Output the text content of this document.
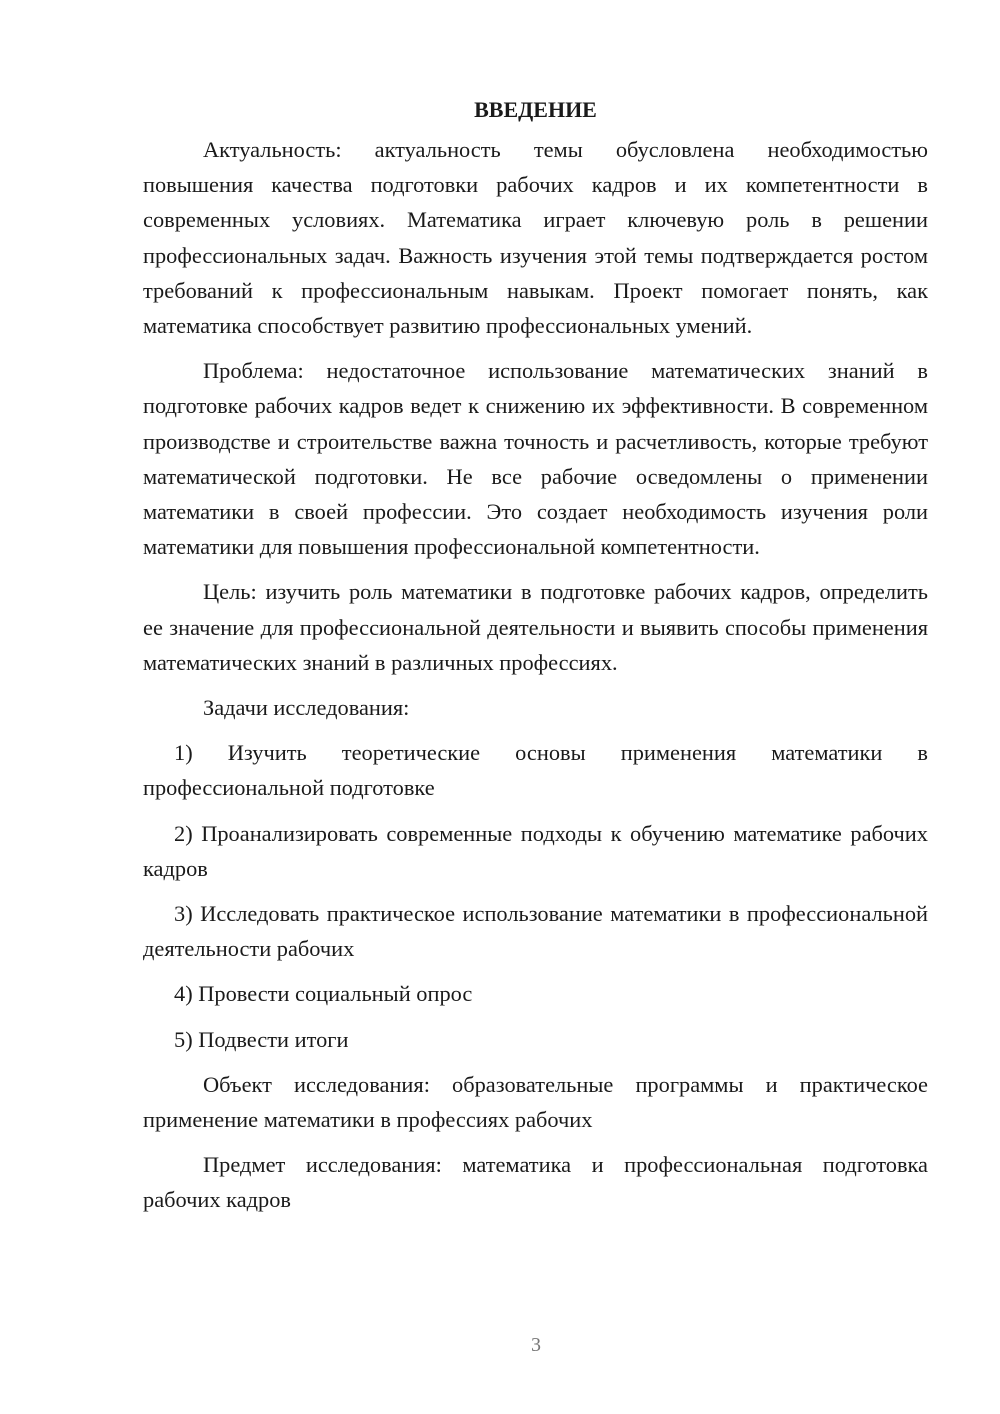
ВВЕДЕНИЕ

Актуальность: актуальность темы обусловлена необходимостью повышения качества подготовки рабочих кадров и их компетентности в современных условиях. Математика играет ключевую роль в решении профессиональных задач. Важность изучения этой темы подтверждается ростом требований к профессиональным навыкам. Проект помогает понять, как математика способствует развитию профессиональных умений.

Проблема: недостаточное использование математических знаний в подготовке рабочих кадров ведет к снижению их эффективности. В современном производстве и строительстве важна точность и расчетливость, которые требуют математической подготовки. Не все рабочие осведомлены о применении математики в своей профессии. Это создает необходимость изучения роли математики для повышения профессиональной компетентности.

Цель: изучить роль математики в подготовке рабочих кадров, определить ее значение для профессиональной деятельности и выявить способы применения математических знаний в различных профессиях.

Задачи исследования:

1) Изучить теоретические основы применения математики в профессиональной подготовке

2) Проанализировать современные подходы к обучению математике рабочих кадров

3) Исследовать практическое использование математики в профессиональной деятельности рабочих

4) Провести социальный опрос

5) Подвести итоги

Объект исследования: образовательные программы и практическое применение математики в профессиях рабочих

Предмет исследования: математика и профессиональная подготовка рабочих кадров

3
